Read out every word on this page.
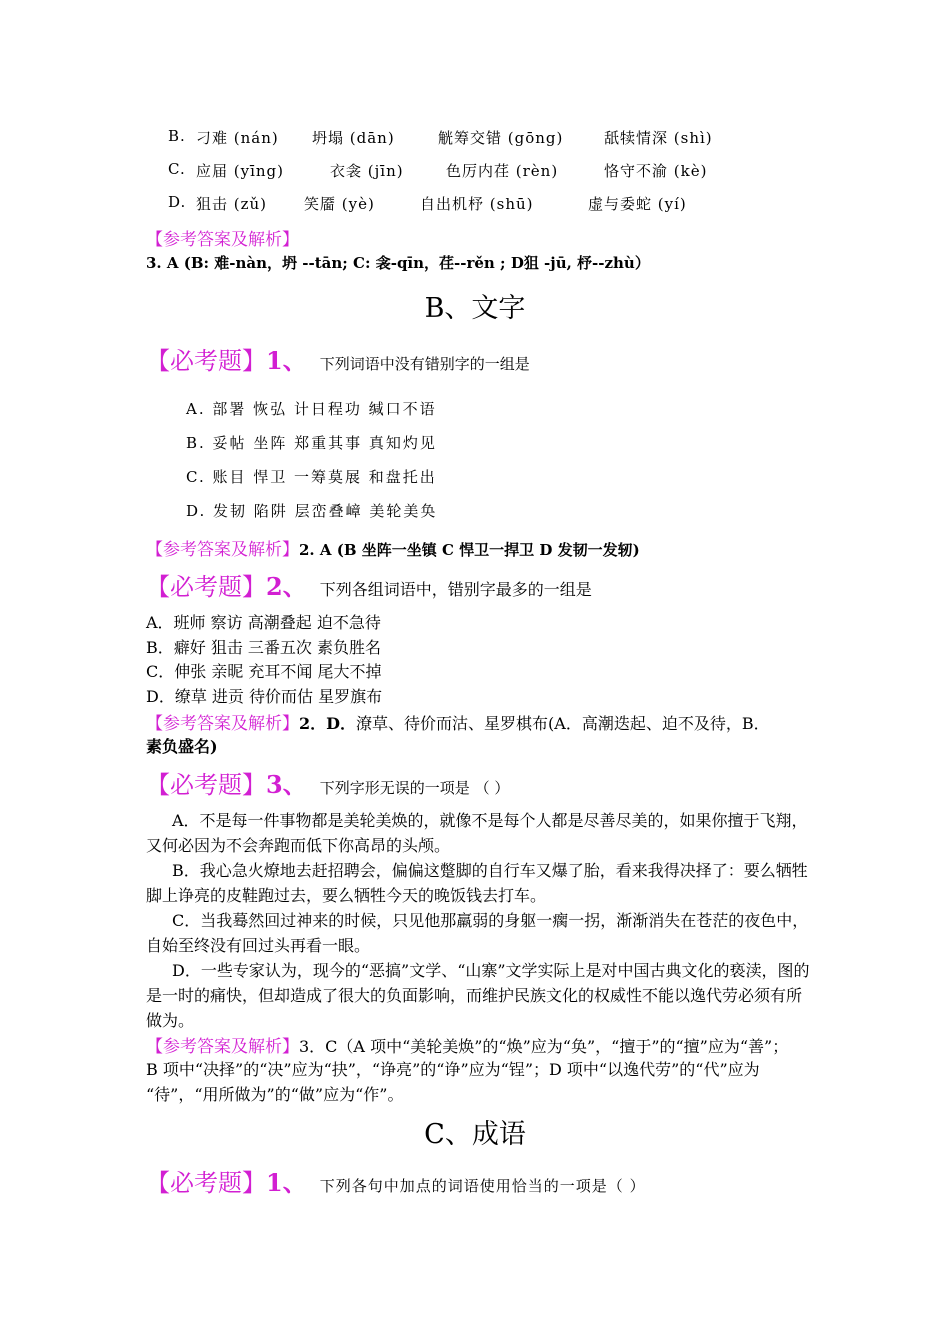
B. 刁难 (nán) 坍塌 (dān)	觥筹交错 (gōng)	舐犊情深 (shì)
C. 应届 (yīng)	衣衾 (jīn)	色厉内荏 (rèn)	恪守不渝 (kè)
D. 狙击 (zǔ) 笑靥 (yè)	自出机杼 (shū)	虚与委蛇 (yí)
【参考答案及解析】
3. A (B: 难-nàn，坍 --tān; C: 衾-qīn，荏--rěn ; D狙 -jū, 杼--zhù）
B、文字
【必考题】1、 下列词语中没有错别字的一组是
A. 部署 恢弘 计日程功 缄口不语
B. 妥帖 坐阵 郑重其事 真知灼见
C. 账目 悍卫 一筹莫展 和盘托出
D. 发韧 陷阱 层峦叠嶂 美轮美奂
【参考答案及解析】2. A (B 坐阵一坐镇 C 悍卫一捍卫 D 发韧一发轫)
【必考题】2、 下列各组词语中，错别字最多的一组是
A．班师 察访 高潮叠起 迫不急待
B．癖好 狙击 三番五次 素负胜名
C．伸张 亲昵 充耳不闻 尾大不掉
D．缭草 进贡 待价而估 星罗旗布
【参考答案及解析】2．D．潦草、待价而沽、星罗棋布(A．高潮迭起、迫不及待，B．
素负盛名)
【必考题】3、 下列字形无误的一项是 （ ）
A．不是每一件事物都是美轮美焕的，就像不是每个人都是尽善尽美的，如果你擅于飞翔，又何必因为不会奔跑而低下你高昂的头颅。
B．我心急火燎地去赶招聘会，偏偏这蹩脚的自行车又爆了胎，看来我得决择了：要么牺牲脚上诤亮的皮鞋跑过去，要么牺牲今天的晚饭钱去打车。
C．当我蓦然回过神来的时候，只见他那羸弱的身躯一瘸一拐，渐渐消失在苍茫的夜色中，自始至终没有回过头再看一眼。
D．一些专家认为，现今的“恶搞”文学、“山寨”文学实际上是对中国古典文化的亵渎，图的是一时的痛快，但却造成了很大的负面影响，而维护民族文化的权威性不能以逸代劳必须有所做为。
【参考答案及解析】3．C（A 项中“美轮美焕”的“焕”应为“奂”，“擅于”的“擅”应为“善”；
B 项中“决择”的“决”应为“抉”，“诤亮”的“诤”应为“锃”；D 项中“以逸代劳”的“代”应为
“待”，“用所做为”的“做”应为“作”。
C、成语
【必考题】1、 下列各句中加点的词语使用恰当的一项是（ ）
